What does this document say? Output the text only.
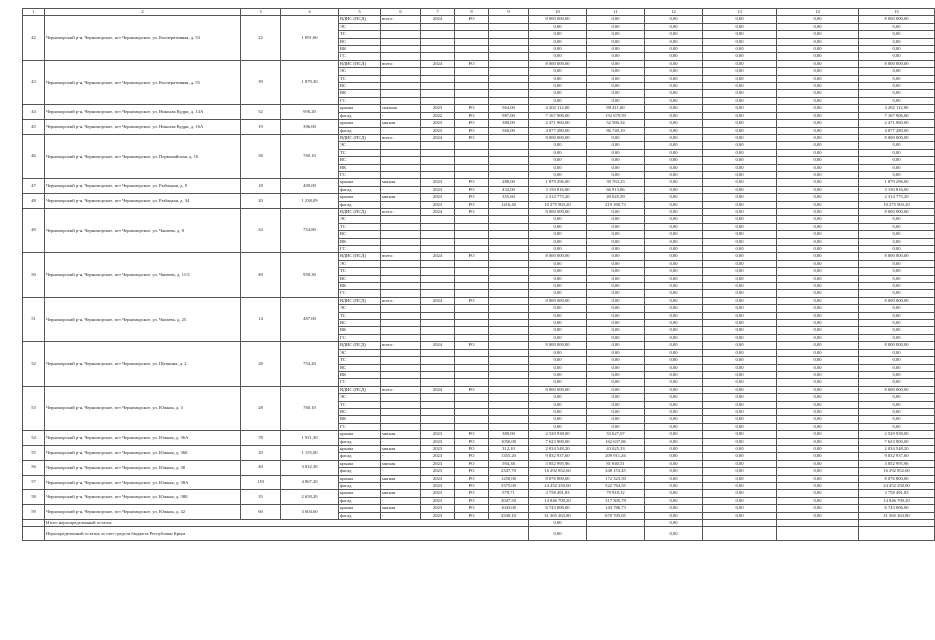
1	2	3	4	5	6	7	8	9	10	11	12	13	14	15	
42	Черноморский р-н, Черноморское, пгт Черноморское, ул. Кооперативная, д. 53	22	1 091,60	ВДИС (ПСД)	всего:	2024	РО		8 000 000,00	0,00	0,00	0,00	0,00	8 000 000,00	
				ЭС					0,00	0,00	0,00	0,00	0,00	0,00	
				ТС					0,00	0,00	0,00	0,00	0,00	0,00	
				ВС					0,00	0,00	0,00	0,00	0,00	0,00	
				ВК					0,00	0,00	0,00	0,00	0,00	0,00	
				ГС					0,00	0,00	0,00	0,00	0,00	0,00	
43	Черноморский р-н, Черноморское, пгт Черноморское, ул. Кооперативная, д. 55	39	1 879,30	ВДИС (ПСД)	всего:	2024	РО		8 000 000,00	0,00	0,00	0,00	0,00	8 000 000,00	
				ЭС					0,00	0,00	0,00	0,00	0,00	0,00	
				ТС					0,00	0,00	0,00	0,00	0,00	0,00	
				ВС					0,00	0,00	0,00	0,00	0,00	0,00	
				ВК					0,00	0,00	0,00	0,00	0,00	0,00	
				ГС					0,00	0,00	0,00	0,00	0,00	0,00	
44	Черноморский р-н, Черноморское, пгт Черноморское, ул. Николая Кудри, д. 14А	52	956,20	крыша	скатная	2023	РО	564,00	4 202 112,00	89 411,60	0,00	0,00	0,00	4 202 112,00	
				фасад	-	2022	РО	987,00	7 167 906,00	152 679,59	0,00	0,00	0,00	7 167 906,00	
45	Черноморский р-н, Черноморское, пгт Черноморское, ул. Николая Кудри, д. 16А	19	396,00	крыша	мягкая	2023	РО	380,00	2 471 960,00	52 586,34	0,00	0,00	0,00	2 471 960,00	
				фасад	-	2023	РО	560,00	4 077 280,00	86 740,19	0,00	0,00	0,00	4 077 280,00	
46	Черноморский р-н, Черноморское, пгт Черноморское, ул. Первомайская, д. 16	38	760,10	ВДИС (ПСД)	всего:	2024	РО		8 000 000,00	0,00	0,00	0,00	0,00	8 000 000,00	
				ЭС					0,00	0,00	0,00	0,00	0,00	0,00	
				ТС					0,00	0,00	0,00	0,00	0,00	0,00	
				ВС					0,00	0,00	0,00	0,00	0,00	0,00	
				ВК					0,00	0,00	0,00	0,00	0,00	0,00	
				ГС					0,00	0,00	0,00	0,00	0,00	0,00	
47	Черноморский р-н, Черноморское, пгт Черноморское, ул. Рыбацкая, д. 9	18	409,00	крыша	мягкая	2023	РО	288,00	1 879 296,00	39 763,23	0,00	0,00	0,00	1 879 296,00	
				фасад	-	2023	РО	432,00	3 150 816,00	66 913,86	0,00	0,00	0,00	3 150 816,00	
48	Черноморский р-н, Черноморское, пгт Черноморское, ул. Рыбацкая, д. 34	20	1 238,09	крыша	мягкая	2023	РО	355,60	2 314 775,20	49 025,59	0,00	0,00	0,00	2 314 775,20	
				фасад	-	2023	РО	1416,40	10 275 903,20	219 390,73	0,00	0,00	0,00	10 275 903,20	
49	Черноморский р-н, Черноморское, пгт Черноморское, ул. Чапаева, д. 8	34	754,80	ВДИС (ПСД)	всего:	2024	РО		8 000 000,00	0,00	0,00	0,00	0,00	8 000 000,00	
				ЭС					0,00	0,00	0,00	0,00	0,00	0,00	
				ТС					0,00	0,00	0,00	0,00	0,00	0,00	
				ВС					0,00	0,00	0,00	0,00	0,00	0,00	
				ВК					0,00	0,00	0,00	0,00	0,00	0,00	
				ГС					0,00	0,00	0,00	0,00	0,00	0,00	
50	Черноморский р-н, Черноморское, пгт Черноморское, ул. Чапаева, д. 11/3	49	958,30	ВДИС (ПСД)	всего:	2024	РО		8 000 000,00	0,00	0,00	0,00	0,00	8 000 000,00	
				ЭС					0,00	0,00	0,00	0,00	0,00	0,00	
				ТС					0,00	0,00	0,00	0,00	0,00	0,00	
				ВС					0,00	0,00	0,00	0,00	0,00	0,00	
				ВК					0,00	0,00	0,00	0,00	0,00	0,00	
				ГС					0,00	0,00	0,00	0,00	0,00	0,00	
51	Черноморский р-н, Черноморское, пгт Черноморское, ул. Чапаева, д. 25	14	487,00	ВДИС (ПСД)	всего:	2024	РО		8 000 000,00	0,00	0,00	0,00	0,00	8 000 000,00	
				ЭС					0,00	0,00	0,00	0,00	0,00	0,00	
				ТС					0,00	0,00	0,00	0,00	0,00	0,00	
				ВС					0,00	0,00	0,00	0,00	0,00	0,00	
				ВК					0,00	0,00	0,00	0,00	0,00	0,00	
				ГС					0,00	0,00	0,00	0,00	0,00	0,00	
52	Черноморский р-н, Черноморское, пгт Черноморское, ул. Щепкина, д. 2	28	754,20	ВДИС (ПСД)	всего:	2024	РО		8 000 000,00	0,00	0,00	0,00	0,00	8 000 000,00	
				ЭС					0,00	0,00	0,00	0,00	0,00	0,00	
				ТС					0,00	0,00	0,00	0,00	0,00	0,00	
				ВС					0,00	0,00	0,00	0,00	0,00	0,00	
				ВК					0,00	0,00	0,00	0,00	0,00	0,00	
				ГС					0,00	0,00	0,00	0,00	0,00	0,00	
53	Черноморский р-н, Черноморское, пгт Черноморское, ул. Южная, д. 3	28	760,10	ВДИС (ПСД)	всего:	2024	РО		8 000 000,00	0,00	0,00	0,00	0,00	8 000 000,00	
				ЭС					0,00	0,00	0,00	0,00	0,00	0,00	
				ТС					0,00	0,00	0,00	0,00	0,00	0,00	
				ВС					0,00	0,00	0,00	0,00	0,00	0,00	
				ВК					0,00	0,00	0,00	0,00	0,00	0,00	
				ГС					0,00	0,00	0,00	0,00	0,00	0,00	
54	Черноморский р-н, Черноморское, пгт Черноморское, ул. Южная, д. 36А	78	1 921,30	крыша	мягкая	2023	РО	389,00	2 529 938,00	53 627,07	0,00	0,00	0,00	2 529 938,00	
				фасад	-	2023	РО	1050,00	7 623 900,00	162 637,86	0,00	0,00	0,00	7 623 900,00	
55	Черноморский р-н, Черноморское, пгт Черноморское, ул. Южная, д. 36Б	20	1 155,00	крыша	мягкая	2023	РО	312,10	2 034 548,20	43 025,33	0,00	0,00	0,00	2 034 548,20	
				фасад	-	2023	РО	1355,20	9 832 937,60	209 911,26	0,00	0,00	0,00	9 832 937,60	
56	Черноморский р-н, Черноморское, пгт Черноморское, ул. Южная, д. 38	40	3 022,30	крыша	мягкая	2023	РО	594,38	3 852 995,96	81 940,51	0,00	0,00	0,00	3 852 995,96	
				фасад	-	2023	РО	2347,70	16 292 852,60	348 153,45	0,00	0,00	0,00	16 292 852,60	
57	Черноморский р-н, Черноморское, пгт Черноморское, ул. Южная, д. 38А	119	4 867,20	крыша	мягкая	2023	РО	1250,00	8 076 800,00	172 323,50	0,00	0,00	0,00	8 076 800,00	
				фасад	-	2023	РО	3375,00	24 452 250,00	522 764,55	0,00	0,00	0,00	24 452 250,00	
58	Черноморский р-н, Черноморское, пгт Черноморское, ул. Южная, д. 38Б	35	2 658,20	крыша	мягкая	2023	РО	579,71	3 758 491,83	79 918,12	0,00	0,00	0,00	3 758 491,83	
				фасад	-	2023	РО	2047,50	14 846 700,20	317 305,78	0,00	0,00	0,00	14 846 700,20	
59	Черноморский р-н, Черноморское, пгт Черноморское, ул. Южная, д. 42	60	3 604,60	крыша	мягкая	2023	РО	1043,00	6 743 006,00	143 786,73	0,00	0,00	0,00	6 743 006,00	
				фасад	-	2023	РО	4330,10	31 365 263,80	670 705,05	0,00	0,00	0,00	31 365 263,80	
	Итого нераспределенный остаток								0,00		0,00				
	Нераспределенный остаток за счет средств бюджета Республики Крым								0,00		0,00				
